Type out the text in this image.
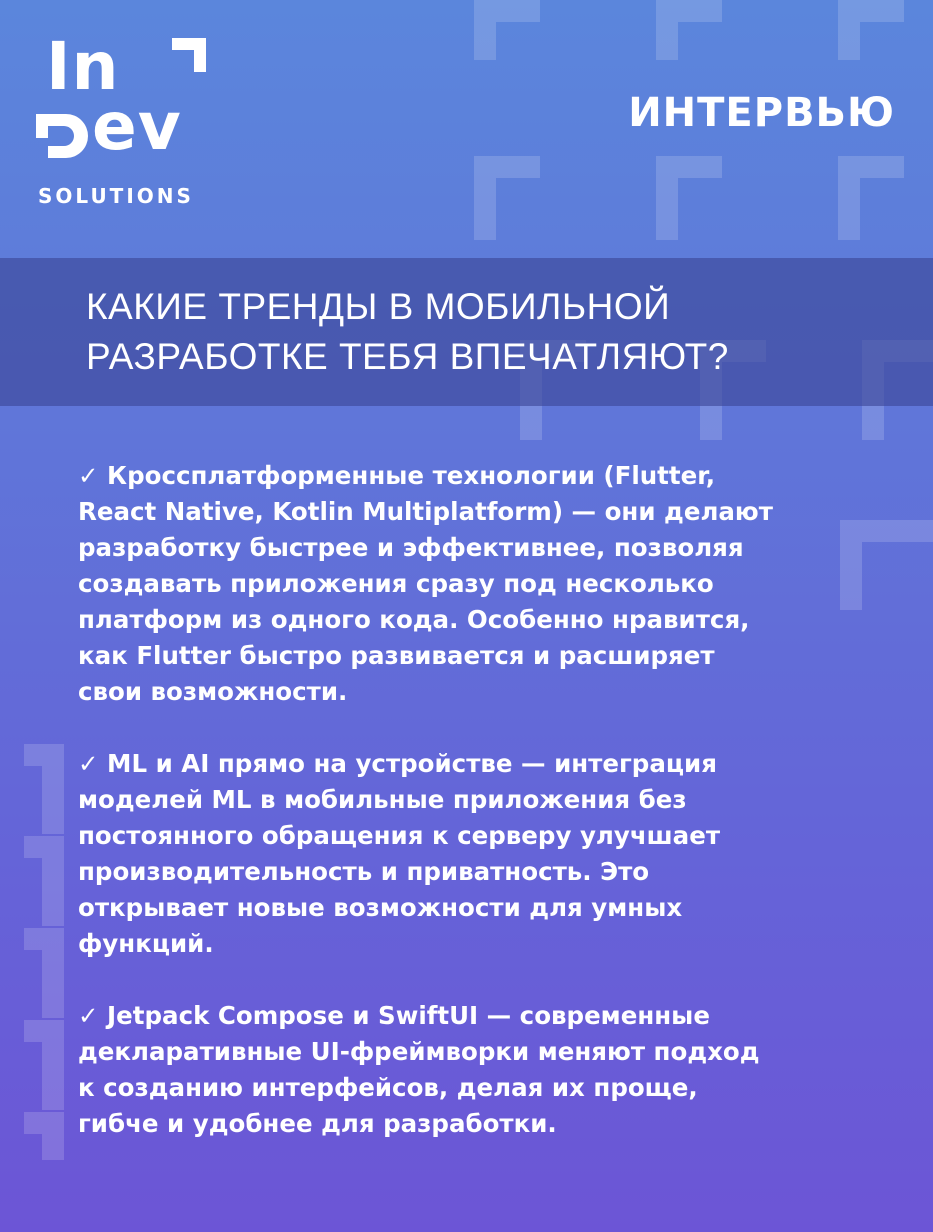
In
ev
SOLUTIONS
ИНТЕРВЬЮ
КАКИЕ ТРЕНДЫ В МОБИЛЬНОЙ
РАЗРАБОТКЕ ТЕБЯ ВПЕЧАТЛЯЮТ?
✓ Кроссплатформенные технологии (Flutter,
React Native, Kotlin Multiplatform) — они делают
разработку быстрее и эффективнее, позволяя
создавать приложения сразу под несколько
платформ из одного кода. Особенно нравится,
как Flutter быстро развивается и расширяет
свои возможности.
✓ ML и AI прямо на устройстве — интеграция
моделей ML в мобильные приложения без
постоянного обращения к серверу улучшает
производительность и приватность. Это
открывает новые возможности для умных
функций.
✓ Jetpack Compose и SwiftUI — современные
декларативные UI-фреймворки меняют подход
к созданию интерфейсов, делая их проще,
гибче и удобнее для разработки.
